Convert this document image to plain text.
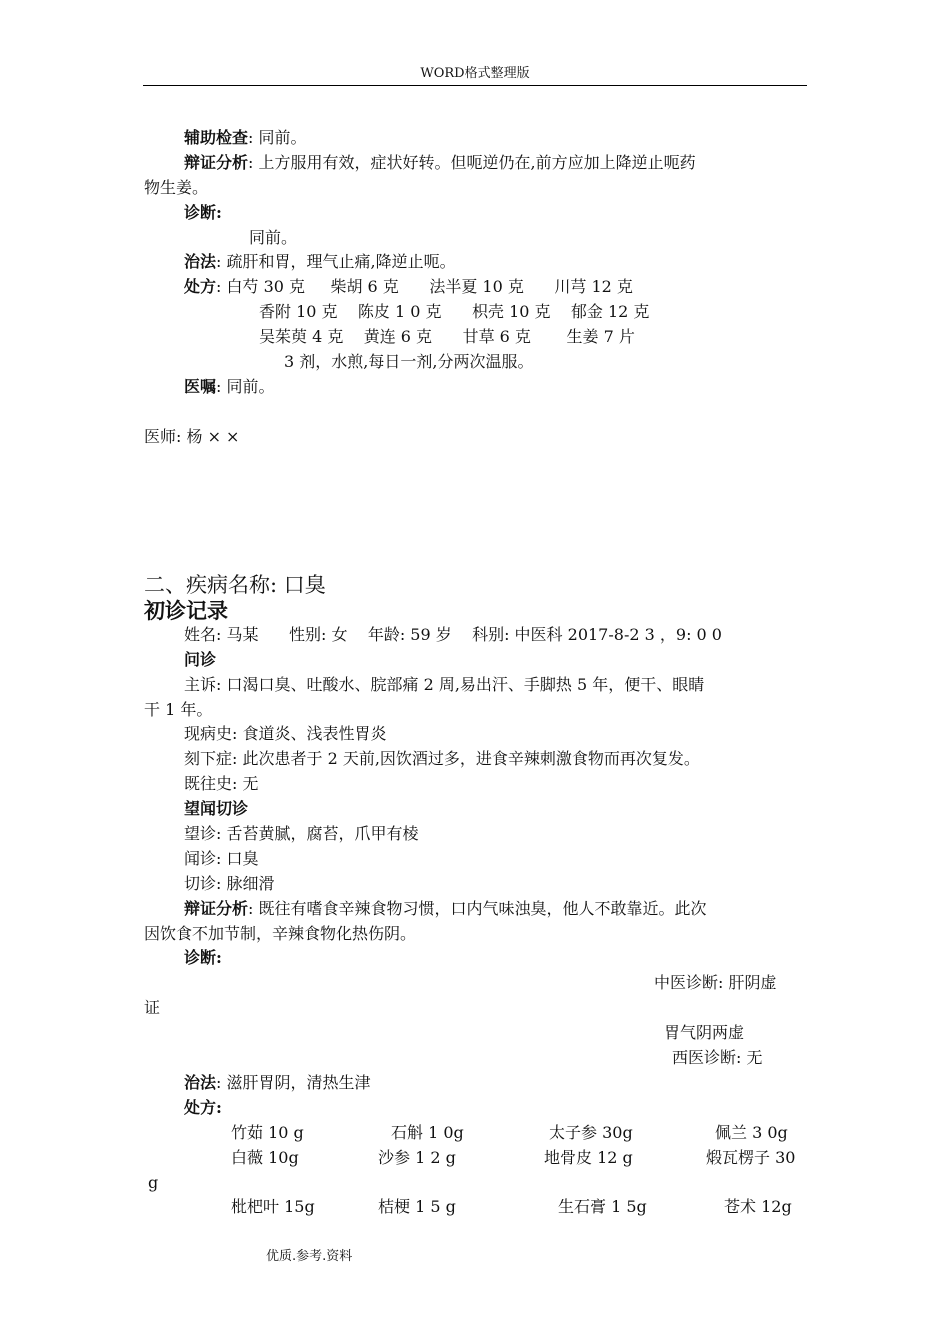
WORD格式整理版
辅助检查: 同前。
辩证分析: 上方服用有效，症状好转。但呃逆仍在,前方应加上降逆止呃药
物生姜。
诊断:
同前。
治法: 疏肝和胃，理气止痛,降逆止呃。
处方: 白芍 30 克     柴胡 6 克      法半夏 10 克      川芎 12 克
香附 10 克    陈皮 1 0 克      枳壳 10 克    郁金 12 克
吴茱萸 4 克    黄连 6 克      甘草 6 克       生姜 7 片
3 剂，水煎,每日一剂,分两次温服。
医嘱: 同前。
医师: 杨 × ×
二、疾病名称: 口臭
初诊记录
姓名: 马某      性别: 女    年龄: 59 岁    科别: 中医科 2017-8-2 3 ，9: 0 0
问诊
主诉: 口渴口臭、吐酸水、脘部痛 2 周,易出汗、手脚热 5 年，便干、眼睛
干 1 年。
现病史: 食道炎、浅表性胃炎
刻下症: 此次患者于 2 天前,因饮酒过多，进食辛辣刺激食物而再次复发。
既往史: 无
望闻切诊
望诊: 舌苔黄腻，腐苔，爪甲有棱
闻诊: 口臭
切诊: 脉细滑
辩证分析: 既往有嗜食辛辣食物习惯，口内气味浊臭，他人不敢靠近。此次
因饮食不加节制，辛辣食物化热伤阴。
诊断:
中医诊断: 肝阴虚
证
胃气阴两虚
西医诊断: 无
治法: 滋肝胃阴，清热生津
处方:
竹茹 10 g	石斛 1 0g	太子参 30g	佩兰 3 0g
白薇 10g	沙参 1 2 g	地骨皮 12 g	煅瓦楞子 30
g
枇杷叶 15g	桔梗 1 5 g	生石膏 1 5g	苍术 12g
优质.参考.资料
